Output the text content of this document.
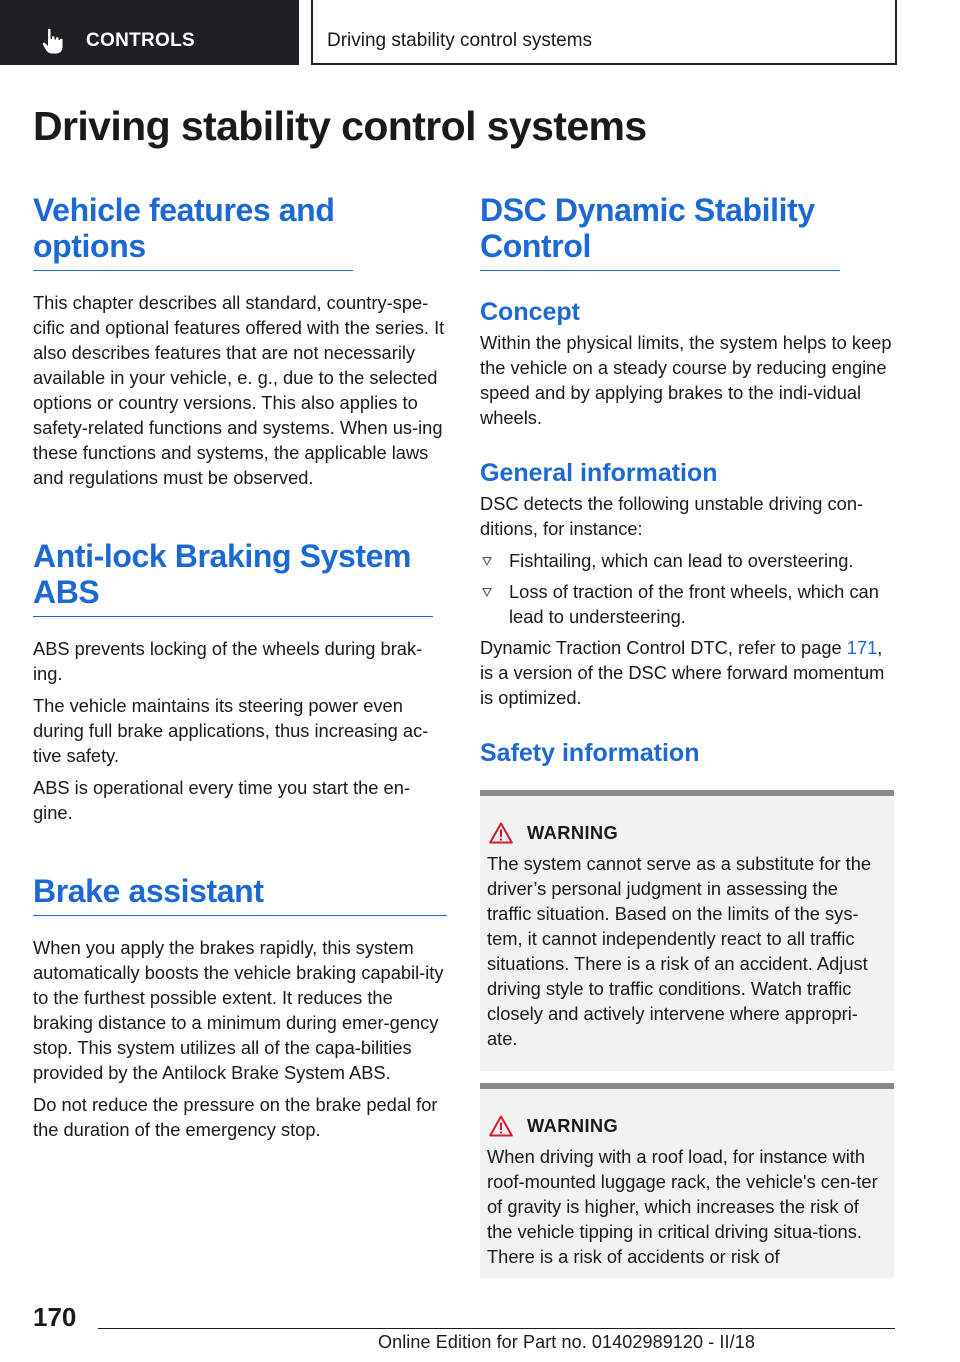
CONTROLS	Driving stability control systems
Driving stability control systems
Vehicle features and options

This chapter describes all standard, country-spe‐cific and optional features offered with the series. It also describes features that are not necessarily available in your vehicle, e. g., due to the selected options or country versions. This also applies to safety-related functions and systems. When us‐ing these functions and systems, the applicable laws and regulations must be observed.

Anti-lock Braking System ABS

ABS prevents locking of the wheels during brak‐ing.

The vehicle maintains its steering power even during full brake applications, thus increasing ac‐tive safety.

ABS is operational every time you start the en‐gine.

Brake assistant

When you apply the brakes rapidly, this system automatically boosts the vehicle braking capabil‐ity to the furthest possible extent. It reduces the braking distance to a minimum during emer‐gency stop. This system utilizes all of the capa‐bilities provided by the Antilock Brake System ABS.

Do not reduce the pressure on the brake pedal for the duration of the emergency stop.

DSC Dynamic Stability Control
Concept

Within the physical limits, the system helps to keep the vehicle on a steady course by reducing engine speed and by applying brakes to the indi‐vidual wheels.

General information

DSC detects the following unstable driving con‐ditions, for instance:

Fishtailing, which can lead to oversteering.
Loss of traction of the front wheels, which can lead to understeering.

Dynamic Traction Control DTC, refer to page 171, is a version of the DSC where forward momentum is optimized.

Safety information
WARNING

The system cannot serve as a substitute for the driver’s personal judgment in assessing the traffic situation. Based on the limits of the sys‐tem, it cannot independently react to all traffic situations. There is a risk of an accident. Adjust driving style to traffic conditions. Watch traffic closely and actively intervene where appropri‐ate.

WARNING

When driving with a roof load, for instance with roof-mounted luggage rack, the vehicle's cen‐ter of gravity is higher, which increases the risk of the vehicle tipping in critical driving situa‐tions. There is a risk of accidents or risk of

170
Online Edition for Part no. 01402989120 - II/18
